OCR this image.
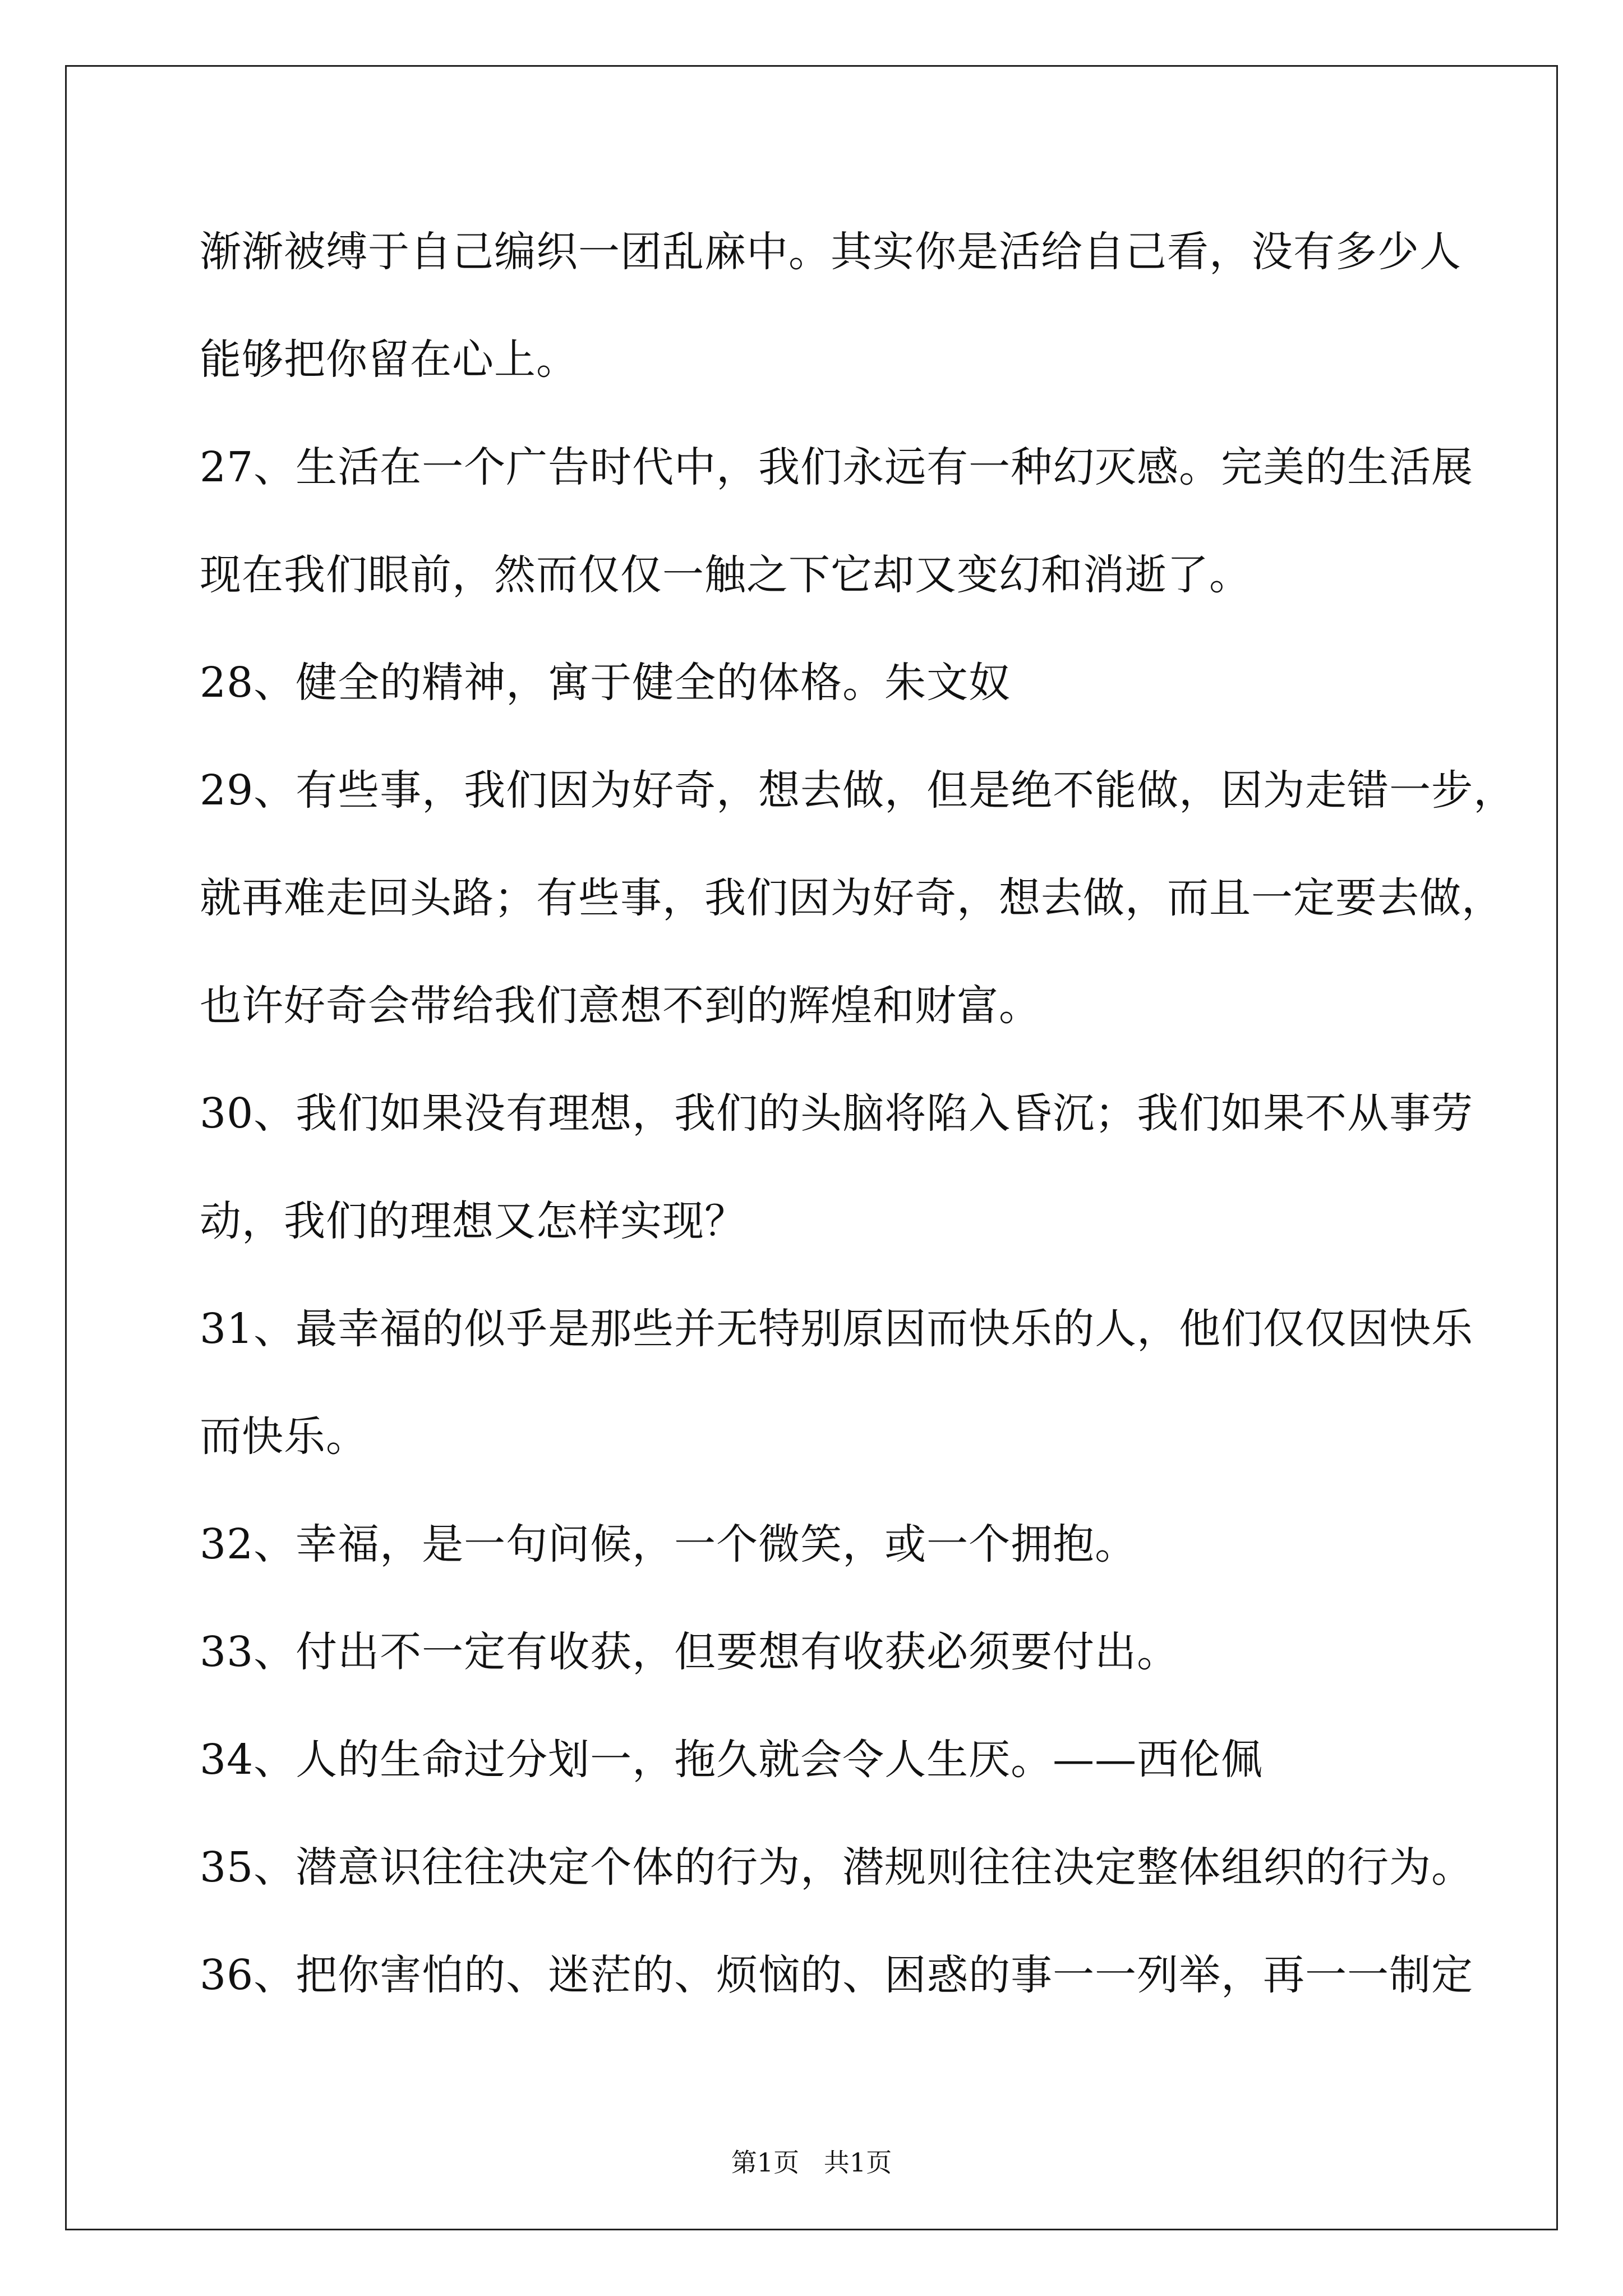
渐渐被缚于自己编织一团乱麻中。其实你是活给自己看，没有多少人
能够把你留在心上。
27、生活在一个广告时代中，我们永远有一种幻灭感。完美的生活展
现在我们眼前，然而仅仅一触之下它却又变幻和消逝了。
28、健全的精神，寓于健全的体格。朱文奴
29、有些事，我们因为好奇，想去做，但是绝不能做，因为走错一步，
就再难走回头路；有些事，我们因为好奇，想去做，而且一定要去做，
也许好奇会带给我们意想不到的辉煌和财富。
30、我们如果没有理想，我们的头脑将陷入昏沉；我们如果不从事劳
动，我们的理想又怎样实现？
31、最幸福的似乎是那些并无特别原因而快乐的人，他们仅仅因快乐
而快乐。
32、幸福，是一句问候，一个微笑，或一个拥抱。
33、付出不一定有收获，但要想有收获必须要付出。
34、人的生命过分划一，拖久就会令人生厌。——西伦佩
35、潜意识往往决定个体的行为，潜规则往往决定整体组织的行为。
36、把你害怕的、迷茫的、烦恼的、困惑的事一一列举，再一一制定
第1页   共1页
